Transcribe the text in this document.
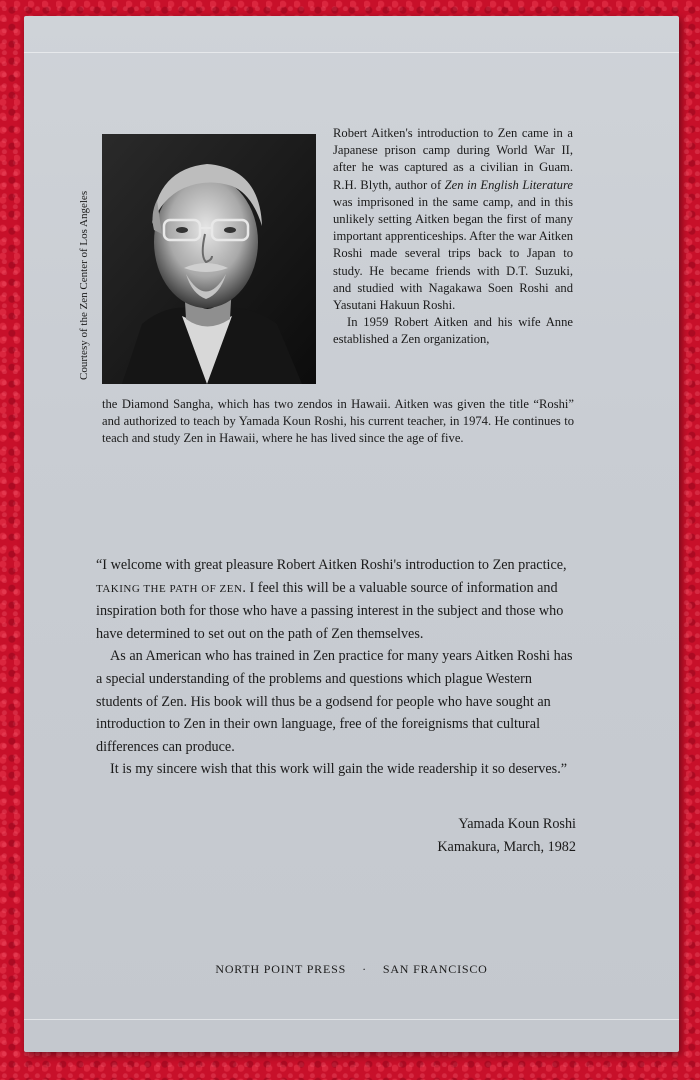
Courtesy of the Zen Center of Los Angeles

Robert Aitken's introduction to Zen came in a Japanese prison camp during World War II, after he was captured as a civilian in Guam. R.H. Blyth, author of Zen in English Literature was imprisoned in the same camp, and in this unlikely setting Aitken began the first of many important apprenticeships. After the war Aitken Roshi made several trips back to Japan to study. He became friends with D.T. Suzuki, and studied with Nagakawa Soen Roshi and Yasutani Hakuun Roshi.

In 1959 Robert Aitken and his wife Anne established a Zen organization,

the Diamond Sangha, which has two zendos in Hawaii. Aitken was given the title “Roshi” and authorized to teach by Yamada Koun Roshi, his current teacher, in 1974. He continues to teach and study Zen in Hawaii, where he has lived since the age of five.

“I welcome with great pleasure Robert Aitken Roshi's introduction to Zen practice, TAKING THE PATH OF ZEN. I feel this will be a valuable source of information and inspiration both for those who have a passing interest in the subject and those who have determined to set out on the path of Zen themselves.

As an American who has trained in Zen practice for many years Aitken Roshi has a special understanding of the problems and questions which plague Western students of Zen. His book will thus be a godsend for people who have sought an introduction to Zen in their own language, free of the foreignisms that cultural differences can produce.

It is my sincere wish that this work will gain the wide readership it so deserves.”

Yamada Koun Roshi
Kamakura, March, 1982
NORTH POINT PRESS · SAN FRANCISCO
